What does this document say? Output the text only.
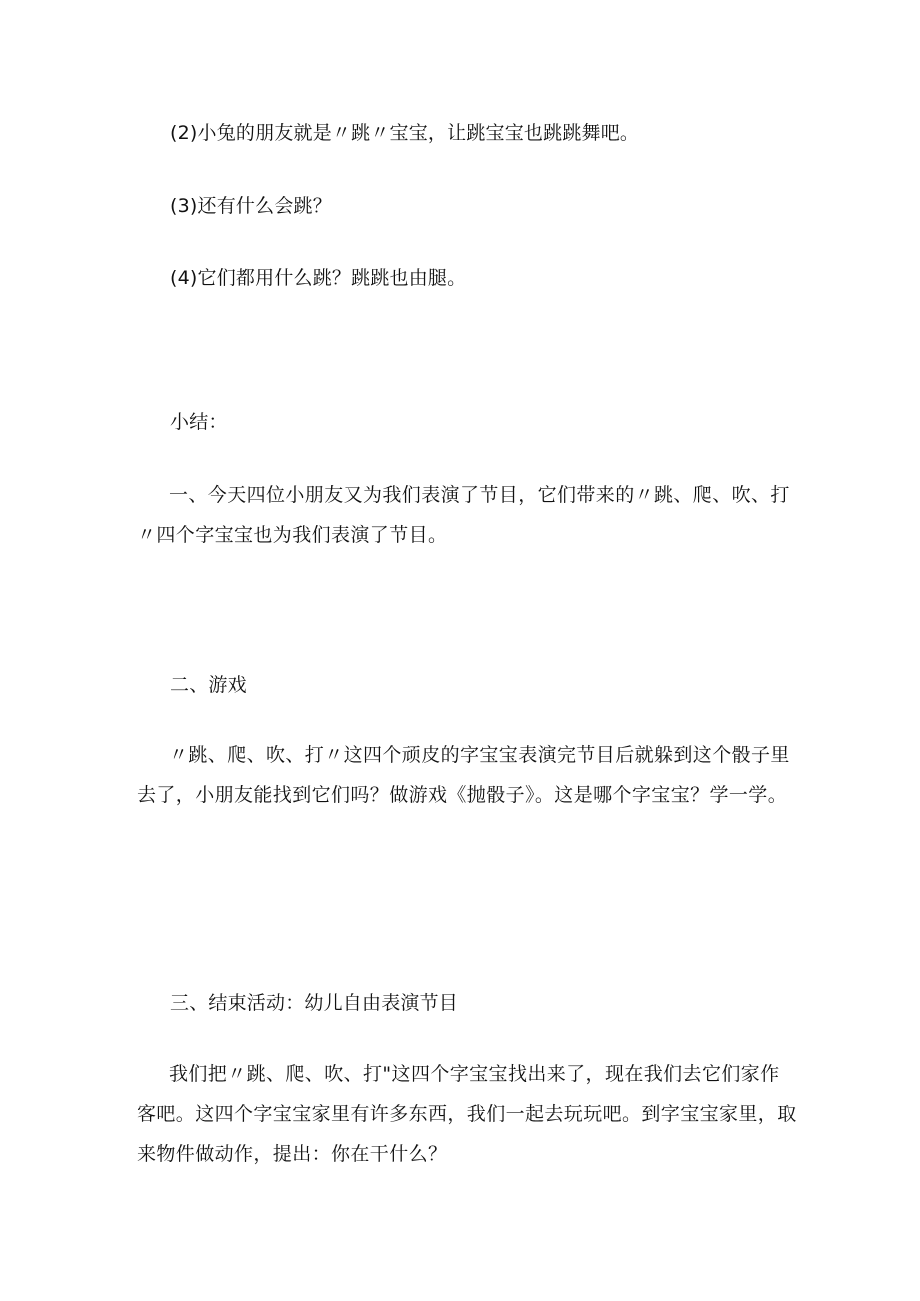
(2)小兔的朋友就是〃跳〃宝宝，让跳宝宝也跳跳舞吧。
(3)还有什么会跳？
(4)它们都用什么跳？跳跳也由腿。
小结：
一、今天四位小朋友又为我们表演了节目，它们带来的〃跳、爬、吹、打〃四个字宝宝也为我们表演了节目。
二、游戏
〃跳、爬、吹、打〃这四个顽皮的字宝宝表演完节目后就躲到这个骰子里去了，小朋友能找到它们吗？做游戏《抛骰子》。这是哪个字宝宝？学一学。
三、结束活动：幼儿自由表演节目
我们把〃跳、爬、吹、打"这四个字宝宝找出来了，现在我们去它们家作客吧。这四个字宝宝家里有许多东西，我们一起去玩玩吧。到字宝宝家里，取来物件做动作，提出：你在干什么？
